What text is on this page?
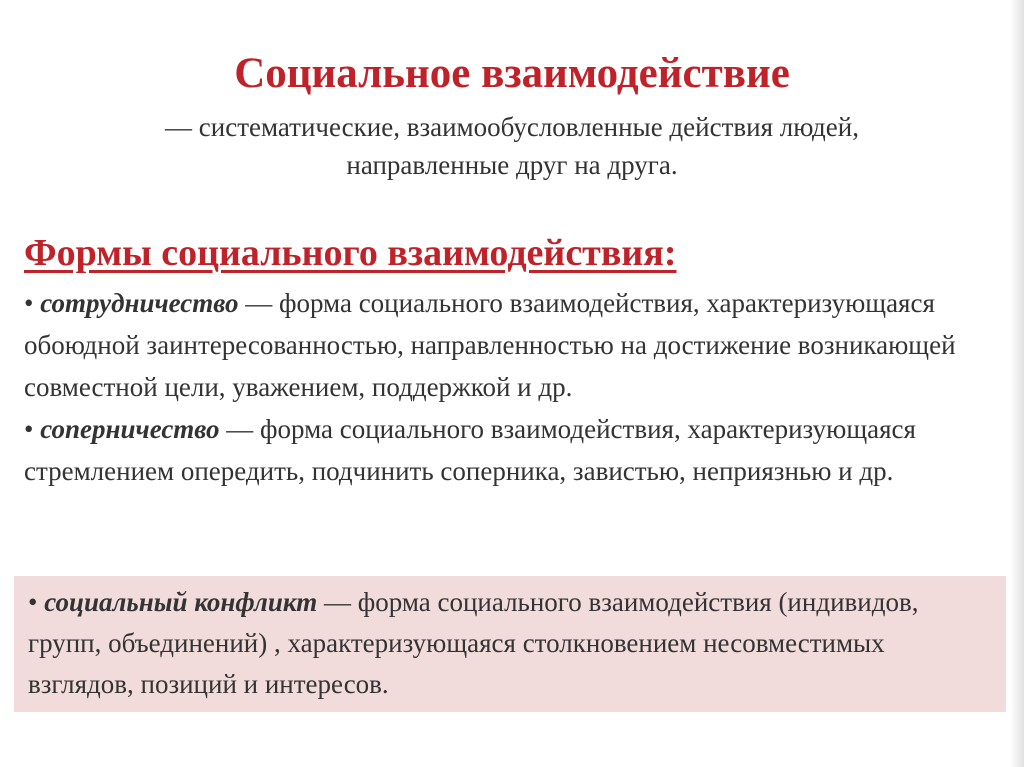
Социальное взаимодействие
— систематические, взаимообусловленные действия людей,
направленные друг на друга.
Формы социального взаимодействия:

• сотрудничество — форма социального взаимодействия, характеризующаяся обоюдной заинтересованностью, направленностью на достижение возникающей совместной цели, уважением, поддержкой и др.

• соперничество — форма социального взаимодействия, характеризующаяся стремлением опередить, подчинить соперника, завистью, неприязнью и др.

• социальный конфликт — форма социального взаимодействия (индивидов, групп, объединений) , характеризующаяся столкновением несовместимых взглядов, позиций и интересов.
